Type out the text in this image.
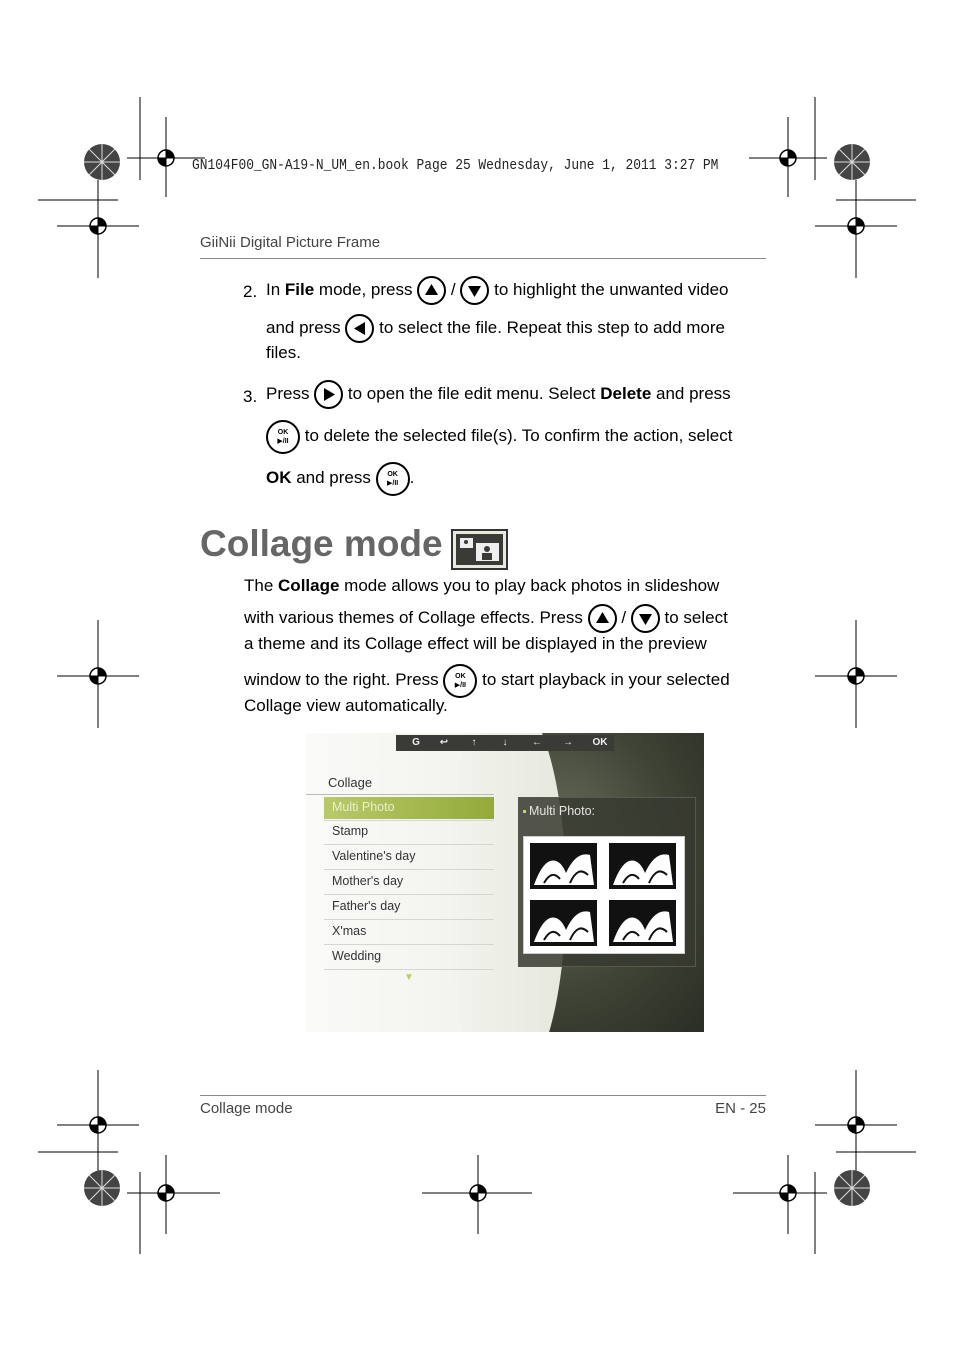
GN104F00_GN-A19-N_UM_en.book Page 25 Wednesday, June 1, 2011 3:27 PM
GiiNii Digital Picture Frame
2. In File mode, press
/
to highlight the unwanted video
and press
to select the file. Repeat this step to add more
files.
3. Press
to open the file edit menu. Select Delete and press
OK
▶/II to delete the selected file(s). To confirm the action, select
OK and press	OK
▶/II .
Collage mode
The Collage mode allows you to play back photos in slideshow
with various themes of Collage effects. Press
/
to select
a theme and its Collage effect will be displayed in the preview
window to the right. Press	OK
▶/II to start playback in your selected
Collage view automatically.
G	↩	↑	↓	←	→	OK
Collage
Multi Photo
Stamp
Valentine's day
Mother's day
Father's day
X'mas
Wedding
▼
Multi Photo:
Collage mode	EN - 25
